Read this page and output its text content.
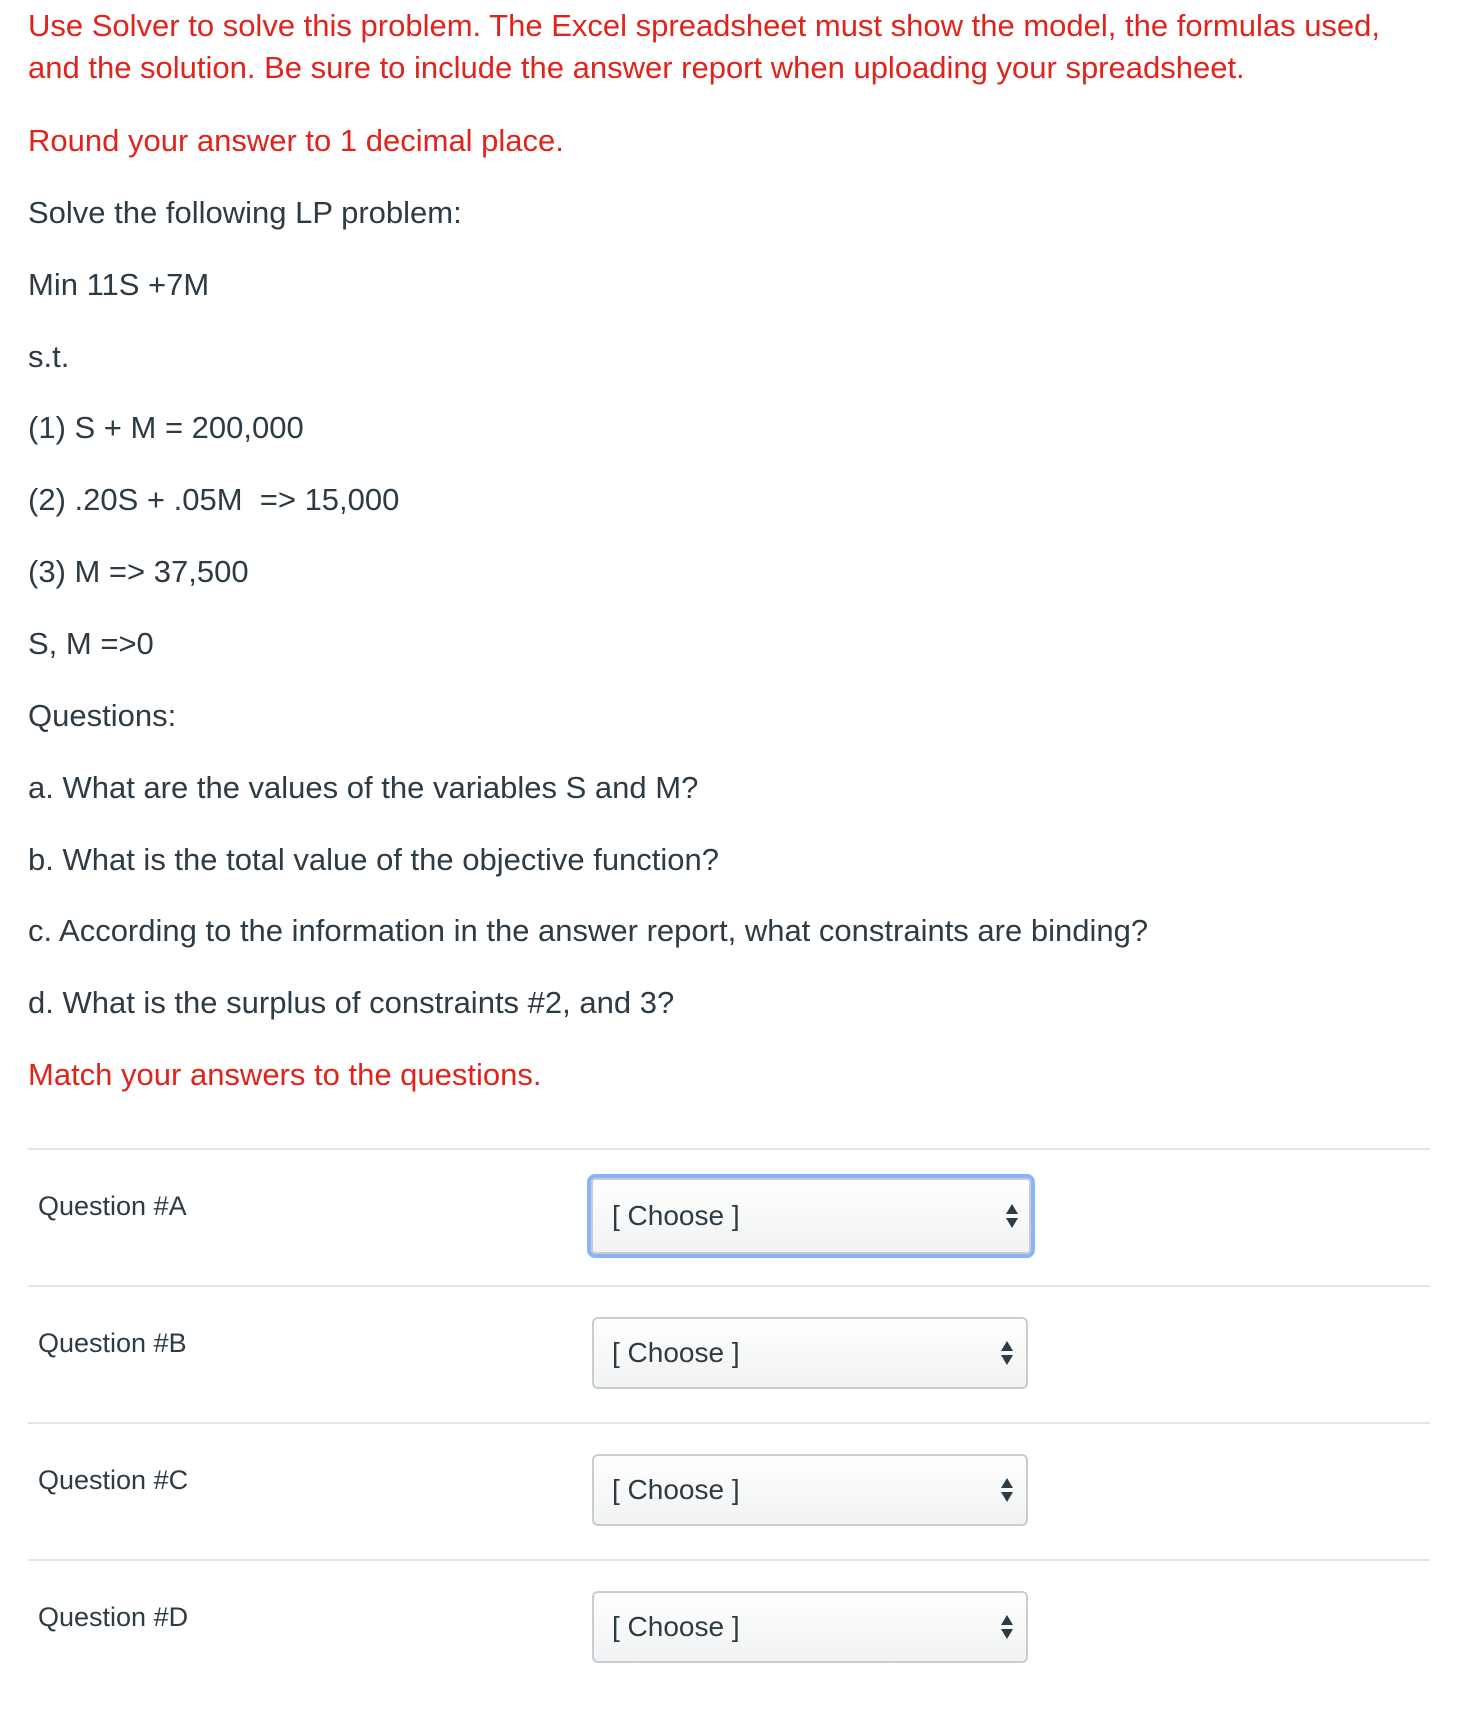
Use Solver to solve this problem. The Excel spreadsheet must show the model, the formulas used,
and the solution. Be sure to include the answer report when uploading your spreadsheet.
Round your answer to 1 decimal place.
Solve the following LP problem:
Min 11S +7M
s.t.
(1) S + M = 200,000
(2) .20S + .05M  => 15,000
(3) M => 37,500
S, M =>0
Questions:
a. What are the values of the variables S and M?
b. What is the total value of the objective function?
c. According to the information in the answer report, what constraints are binding?
d. What is the surplus of constraints #2, and 3?
Match your answers to the questions.
Question #A	[ Choose ]
Question #B	[ Choose ]
Question #C	[ Choose ]
Question #D	[ Choose ]
